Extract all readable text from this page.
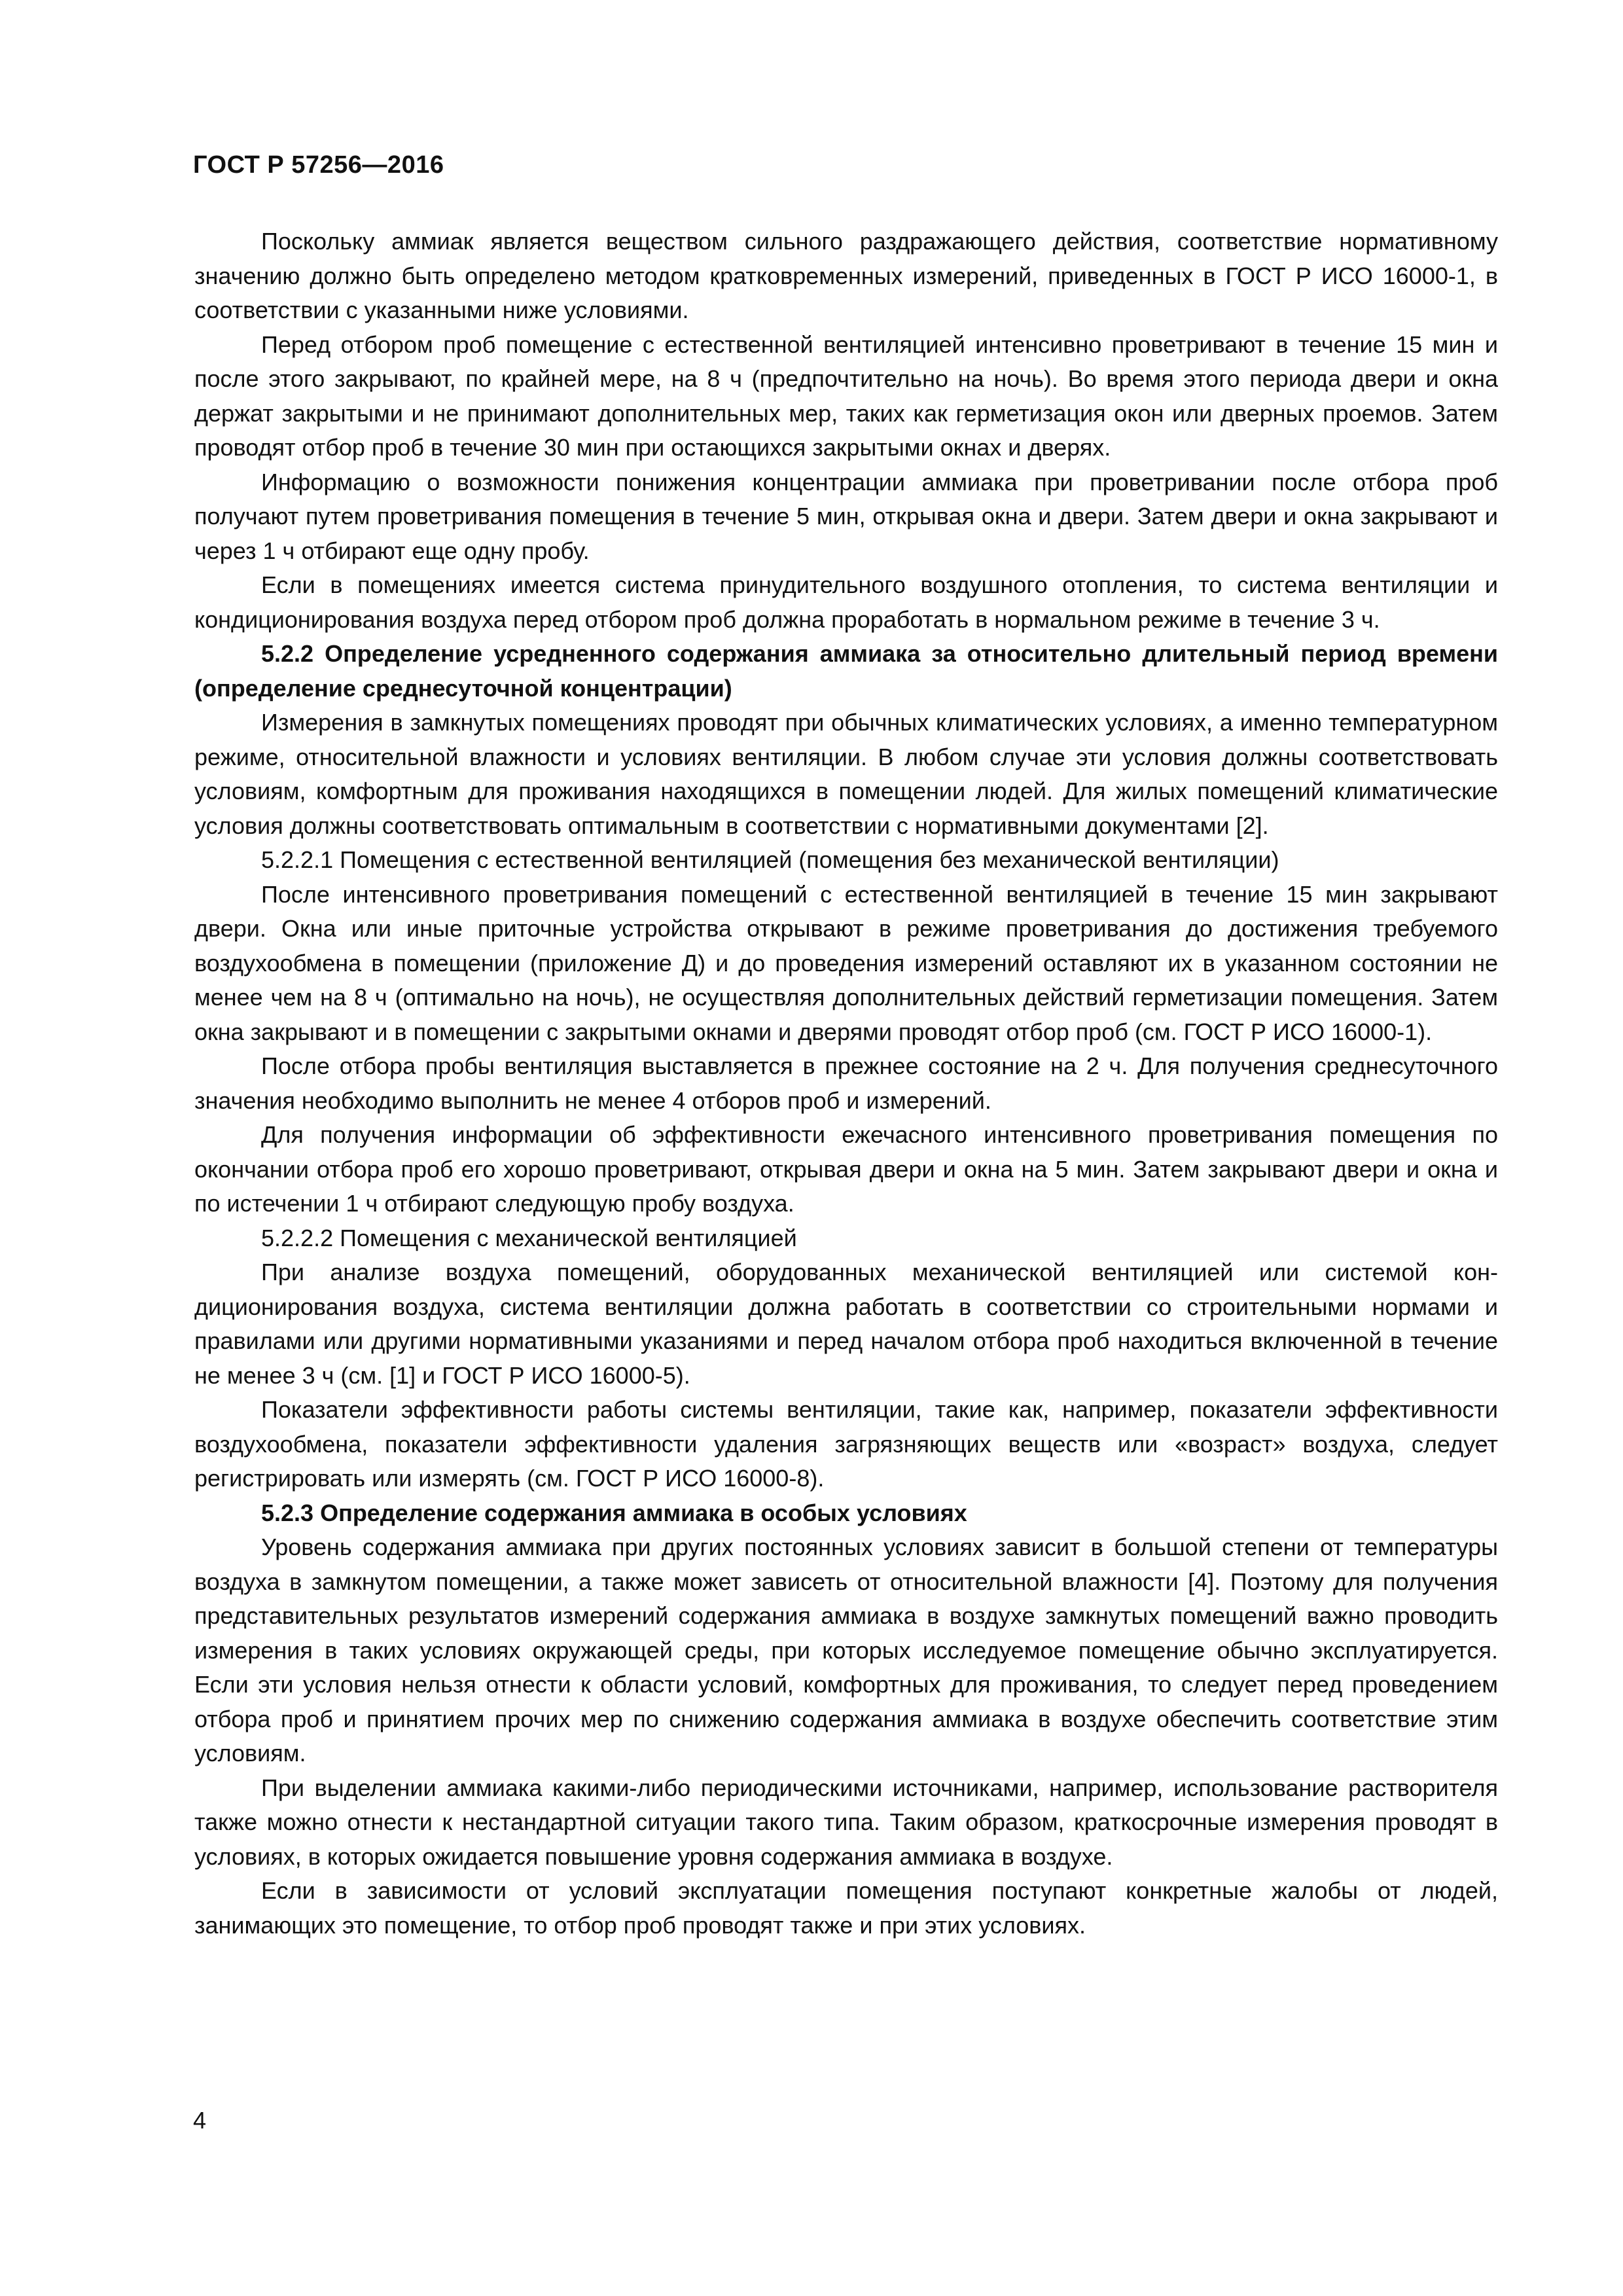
ГОСТ Р 57256—2016

Поскольку аммиак является веществом сильного раздражающего действия, соответствие нормативному значению должно быть определено методом кратковременных измерений, приведенных в ГОСТ Р ИСО 16000-1, в соответствии с указанными ниже условиями.

Перед отбором проб помещение с естественной вентиляцией интенсивно проветривают в течение 15 мин и после этого закрывают, по крайней мере, на 8 ч (предпочтительно на ночь). Во время этого периода двери и окна держат закрытыми и не принимают дополнительных мер, таких как герметизация окон или дверных проемов. Затем проводят отбор проб в течение 30 мин при остающихся закрытыми окнах и дверях.

Информацию о возможности понижения концентрации аммиака при проветривании после отбора проб получают путем проветривания помещения в течение 5 мин, открывая окна и двери. Затем двери и окна закрывают и через 1 ч отбирают еще одну пробу.

Если в помещениях имеется система принудительного воздушного отопления, то система вентиляции и кондиционирования воздуха перед отбором проб должна проработать в нормальном режиме в течение 3 ч.

5.2.2 Определение усредненного содержания аммиака за относительно длительный период времени (определение среднесуточной концентрации)

Измерения в замкнутых помещениях проводят при обычных климатических условиях, а именно температурном режиме, относительной влажности и условиях вентиляции. В любом случае эти условия должны соответствовать условиям, комфортным для проживания находящихся в помещении людей. Для жилых помещений климатические условия должны соответствовать оптимальным в соответствии с нормативными документами [2].

5.2.2.1 Помещения с естественной вентиляцией (помещения без механической вентиляции)

После интенсивного проветривания помещений с естественной вентиляцией в течение 15 мин закрывают двери. Окна или иные приточные устройства открывают в режиме проветривания до достижения требуемого воздухообмена в помещении (приложение Д) и до проведения измерений оставляют их в указанном состоянии не менее чем на 8 ч (оптимально на ночь), не осуществляя дополнительных действий герметизации помещения. Затем окна закрывают и в помещении с закрытыми окнами и дверями проводят отбор проб (см. ГОСТ Р ИСО 16000-1).

После отбора пробы вентиляция выставляется в прежнее состояние на 2 ч. Для получения среднесуточного значения необходимо выполнить не менее 4 отборов проб и измерений.

Для получения информации об эффективности ежечасного интенсивного проветривания помещения по окончании отбора проб его хорошо проветривают, открывая двери и окна на 5 мин. Затем закрывают двери и окна и по истечении 1 ч отбирают следующую пробу воздуха.

5.2.2.2 Помещения с механической вентиляцией

При анализе воздуха помещений, оборудованных механической вентиляцией или системой кондиционирования воздуха, система вентиляции должна работать в соответствии со строительными нормами и правилами или другими нормативными указаниями и перед началом отбора проб находиться включенной в течение не менее 3 ч (см. [1] и ГОСТ Р ИСО 16000-5).

Показатели эффективности работы системы вентиляции, такие как, например, показатели эффективности воздухообмена, показатели эффективности удаления загрязняющих веществ или «возраст» воздуха, следует регистрировать или измерять (см. ГОСТ Р ИСО 16000-8).

5.2.3 Определение содержания аммиака в особых условиях

Уровень содержания аммиака при других постоянных условиях зависит в большой степени от температуры воздуха в замкнутом помещении, а также может зависеть от относительной влажности [4]. Поэтому для получения представительных результатов измерений содержания аммиака в воздухе замкнутых помещений важно проводить измерения в таких условиях окружающей среды, при которых исследуемое помещение обычно эксплуатируется. Если эти условия нельзя отнести к области условий, комфортных для проживания, то следует перед проведением отбора проб и принятием прочих мер по снижению содержания аммиака в воздухе обеспечить соответствие этим условиям.

При выделении аммиака какими-либо периодическими источниками, например, использование растворителя также можно отнести к нестандартной ситуации такого типа. Таким образом, краткосрочные измерения проводят в условиях, в которых ожидается повышение уровня содержания аммиака в воздухе.

Если в зависимости от условий эксплуатации помещения поступают конкретные жалобы от людей, занимающих это помещение, то отбор проб проводят также и при этих условиях.

4
